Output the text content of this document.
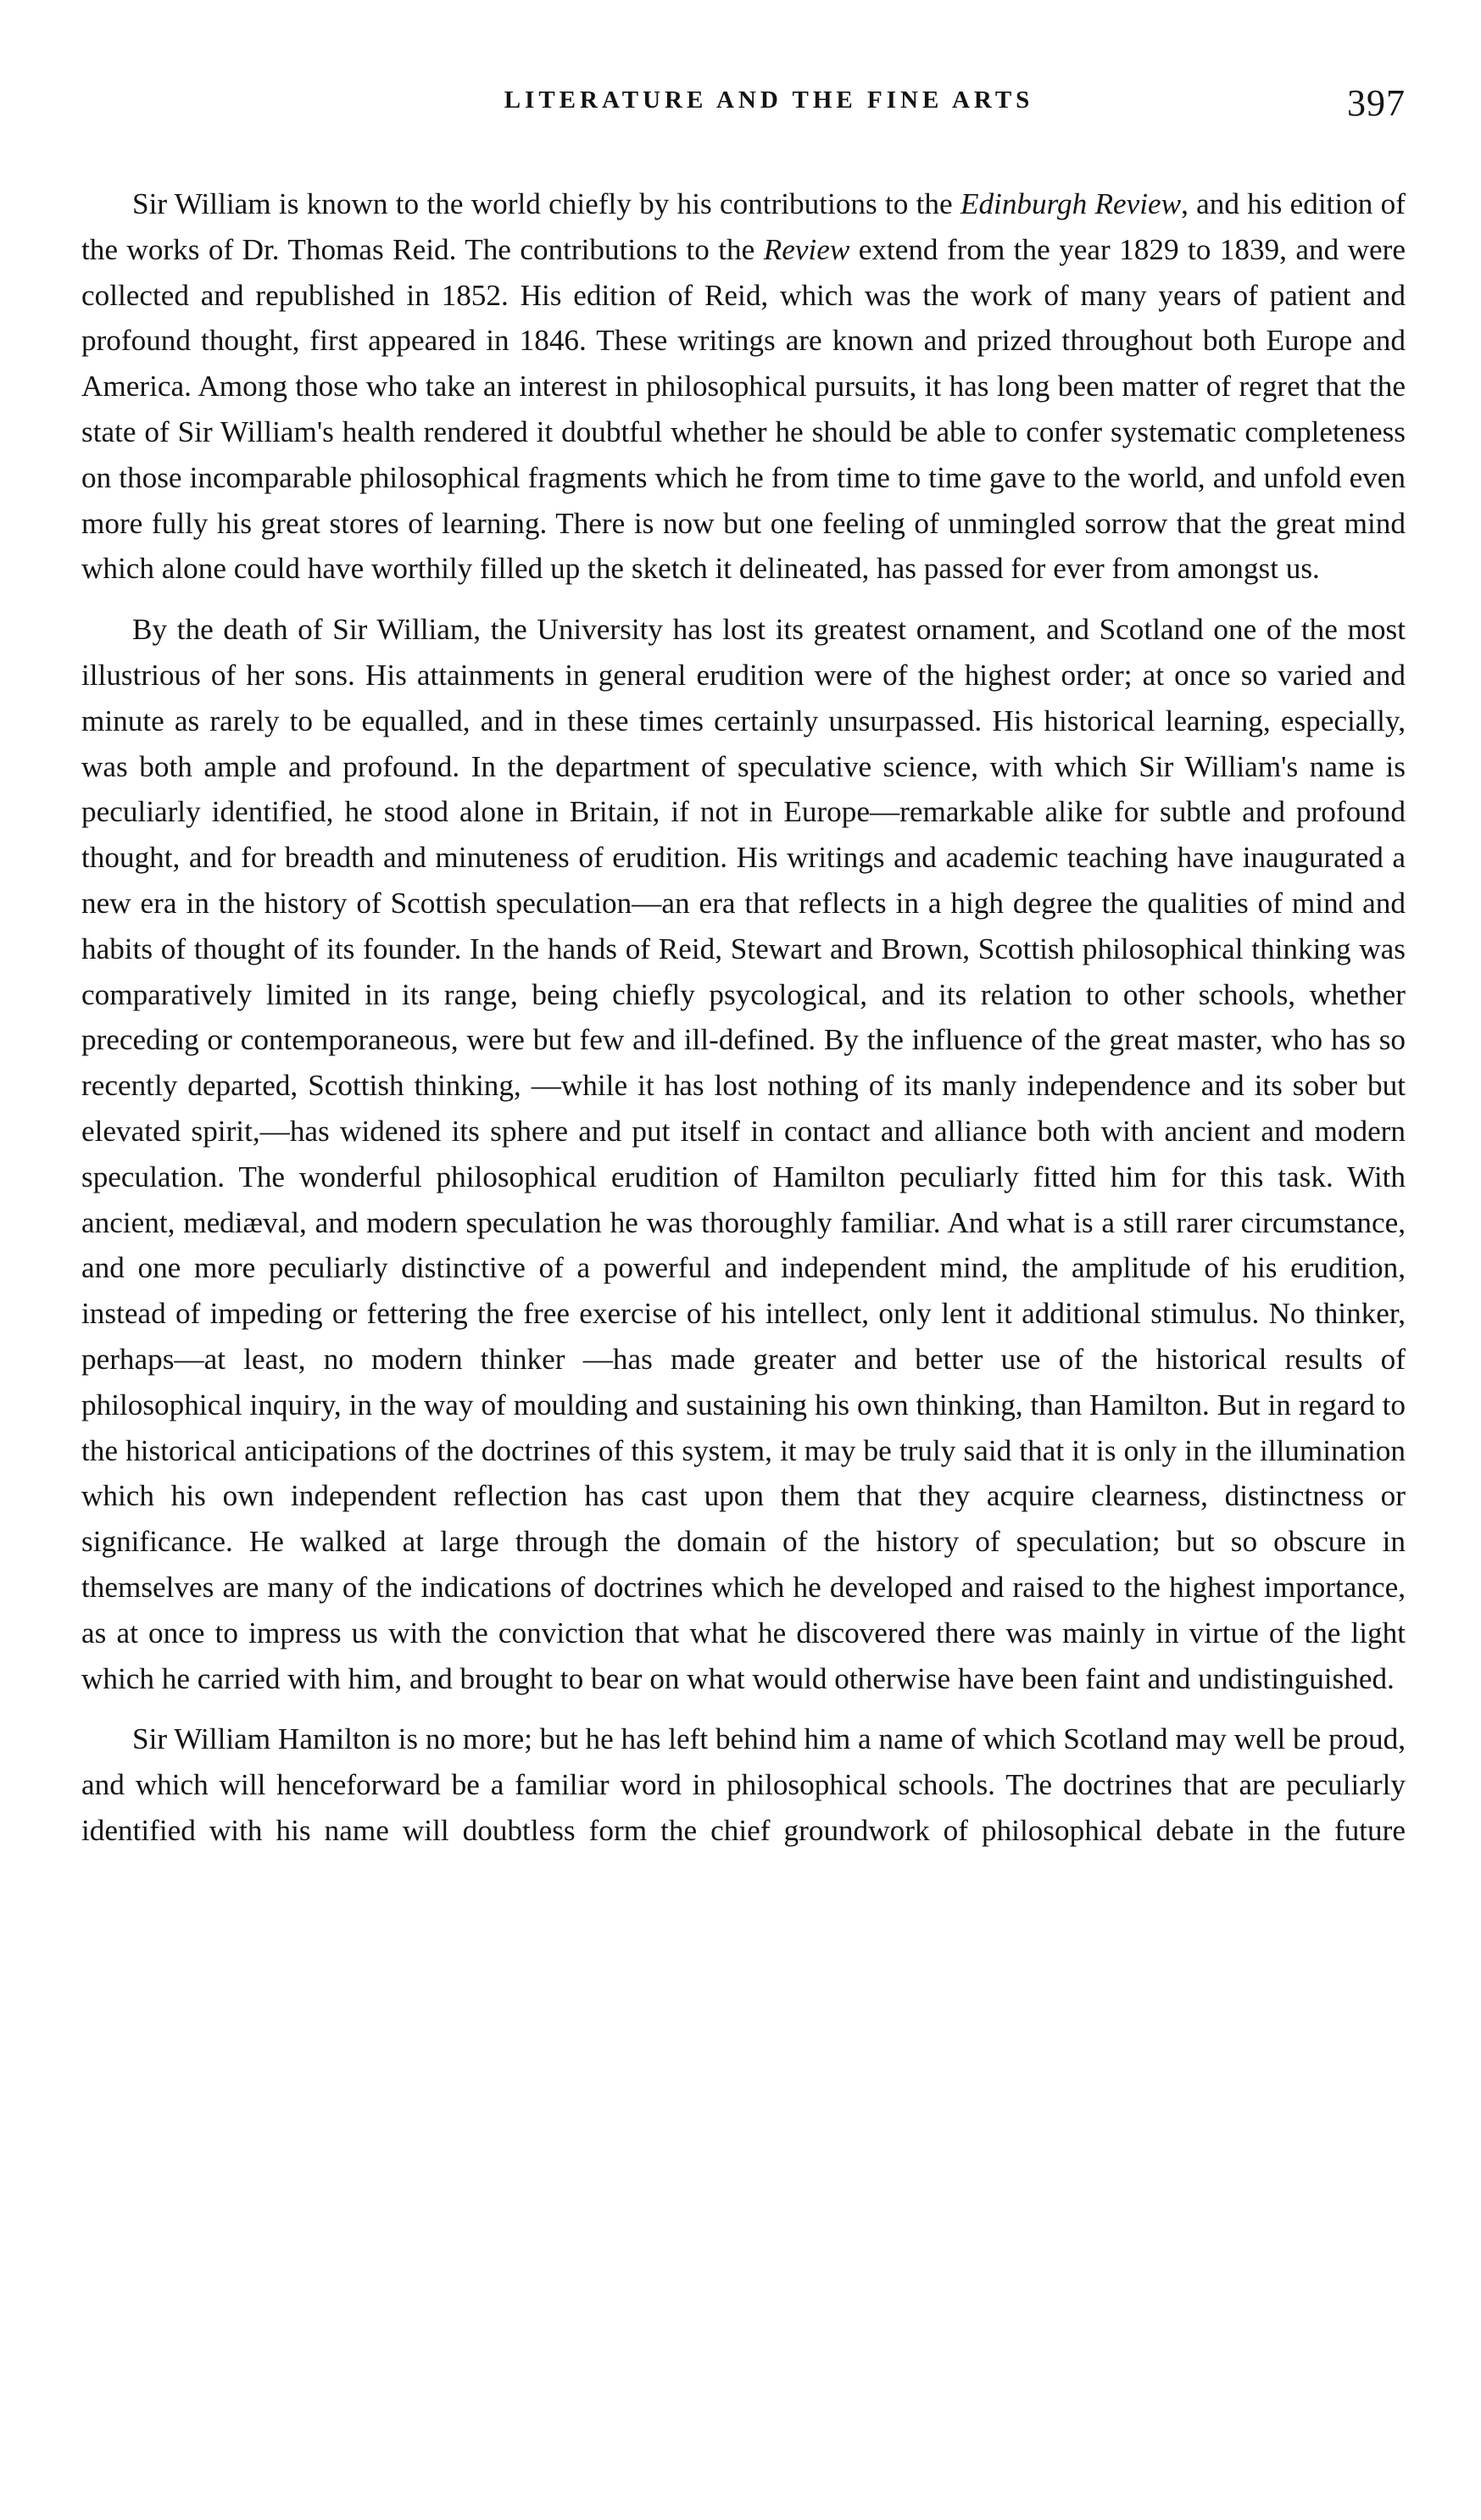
LITERATURE AND THE FINE ARTS	397

Sir William is known to the world chiefly by his contributions to the Edinburgh Review, and his edition of the works of Dr. Thomas Reid. The contributions to the Review extend from the year 1829 to 1839, and were collected and republished in 1852. His edition of Reid, which was the work of many years of patient and profound thought, first appeared in 1846. These writings are known and prized throughout both Europe and America. Among those who take an interest in philosophical pursuits, it has long been matter of regret that the state of Sir William's health rendered it doubtful whether he should be able to confer systematic completeness on those incomparable philosophical fragments which he from time to time gave to the world, and unfold even more fully his great stores of learning. There is now but one feeling of unmingled sorrow that the great mind which alone could have worthily filled up the sketch it delineated, has passed for ever from amongst us.

By the death of Sir William, the University has lost its greatest ornament, and Scotland one of the most illustrious of her sons. His attainments in general erudition were of the highest order; at once so varied and minute as rarely to be equalled, and in these times certainly unsurpassed. His historical learning, especially, was both ample and profound. In the department of speculative science, with which Sir William's name is peculiarly identified, he stood alone in Britain, if not in Europe—remarkable alike for subtle and profound thought, and for breadth and minuteness of erudition. His writings and academic teaching have inaugurated a new era in the history of Scottish speculation—an era that reflects in a high degree the qualities of mind and habits of thought of its founder. In the hands of Reid, Stewart and Brown, Scottish philosophical thinking was comparatively limited in its range, being chiefly psycological, and its relation to other schools, whether preceding or contemporaneous, were but few and ill-defined. By the influence of the great master, who has so recently departed, Scottish thinking, —while it has lost nothing of its manly independence and its sober but elevated spirit,—has widened its sphere and put itself in contact and alliance both with ancient and modern speculation. The wonderful philosophical erudition of Hamilton peculiarly fitted him for this task. With ancient, mediæval, and modern speculation he was thoroughly familiar. And what is a still rarer circumstance, and one more peculiarly distinctive of a powerful and independent mind, the amplitude of his erudition, instead of impeding or fettering the free exercise of his intellect, only lent it additional stimulus. No thinker, perhaps—at least, no modern thinker —has made greater and better use of the historical results of philosophical inquiry, in the way of moulding and sustaining his own thinking, than Hamilton. But in regard to the historical anticipations of the doctrines of this system, it may be truly said that it is only in the illumination which his own independent reflection has cast upon them that they acquire clearness, distinctness or significance. He walked at large through the domain of the history of speculation; but so obscure in themselves are many of the indications of doctrines which he developed and raised to the highest importance, as at once to impress us with the conviction that what he discovered there was mainly in virtue of the light which he carried with him, and brought to bear on what would otherwise have been faint and undistinguished.

Sir William Hamilton is no more; but he has left behind him a name of which Scotland may well be proud, and which will henceforward be a familiar word in philosophical schools. The doctrines that are peculiarly identified with his name will doubtless form the chief groundwork of philosophical debate in the future
